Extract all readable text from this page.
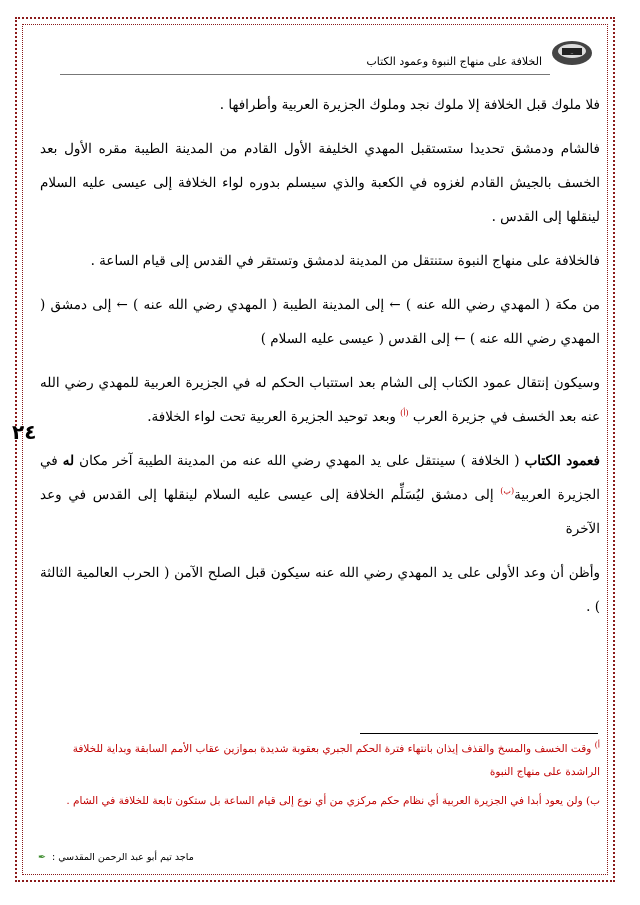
الخلافة على منهاج النبوة وعمود الكتاب
..

فلا ملوك قبل الخلافة إلا ملوك نجد وملوك الجزيرة العربية وأطرافها .

فالشام ودمشق تحديدا ستستقبل المهدي الخليفة الأول القادم من المدينة الطيبة مقره الأول بعد الخسف بالجيش القادم لغزوه في الكعبة والذي سيسلم بدوره لواء الخلافة إلى عيسى عليه السلام لينقلها إلى القدس .

فالخلافة على منهاج النبوة ستنتقل من المدينة لدمشق وتستقر في القدس إلى قيام الساعة .

من مكة ( المهدي رضي الله عنه ) ← إلى المدينة الطيبة ( المهدي رضي الله عنه ) ← إلى دمشق ( المهدي رضي الله عنه ) ← إلى القدس ( عيسى عليه السلام )

وسيكون إنتقال عمود الكتاب إلى الشام بعد استتباب الحكم له في الجزيرة العربية للمهدي رضي الله عنه بعد الخسف في جزيرة العرب $^{(أ)}$ وبعد توحيد الجزيرة العربية تحت لواء الخلافة.

فعمود الكتاب ( الخلافة ) سينتقل على يد المهدي رضي الله عنه من المدينة الطيبة آخر مكان له في الجزيرة العربية$^{(ب)}$ إلى دمشق ليُسَلِّم الخلافة إلى عيسى عليه السلام لينقلها إلى القدس في وعد الآخرة

وأظن أن وعد الأولى على يد المهدي رضي الله عنه سيكون قبل الصلح الآمن ( الحرب العالمية الثالثة ) .

٢٤

$^{أ)}$ وقت الخسف والمسخ والقذف إيذان بانتهاء فترة الحكم الجبري بعقوبة شديدة بموازين عقاب الأمم السابقة وبداية للخلافة الراشدة على منهاج النبوة

ب) ولن يعود أبدا في الجزيرة العربية أي نظام حكم مركزي من أي نوع إلى قيام الساعة بل ستكون تابعة للخلافة في الشام .

ماجد تيم أبو عبد الرحمن المقدسي : ✒
